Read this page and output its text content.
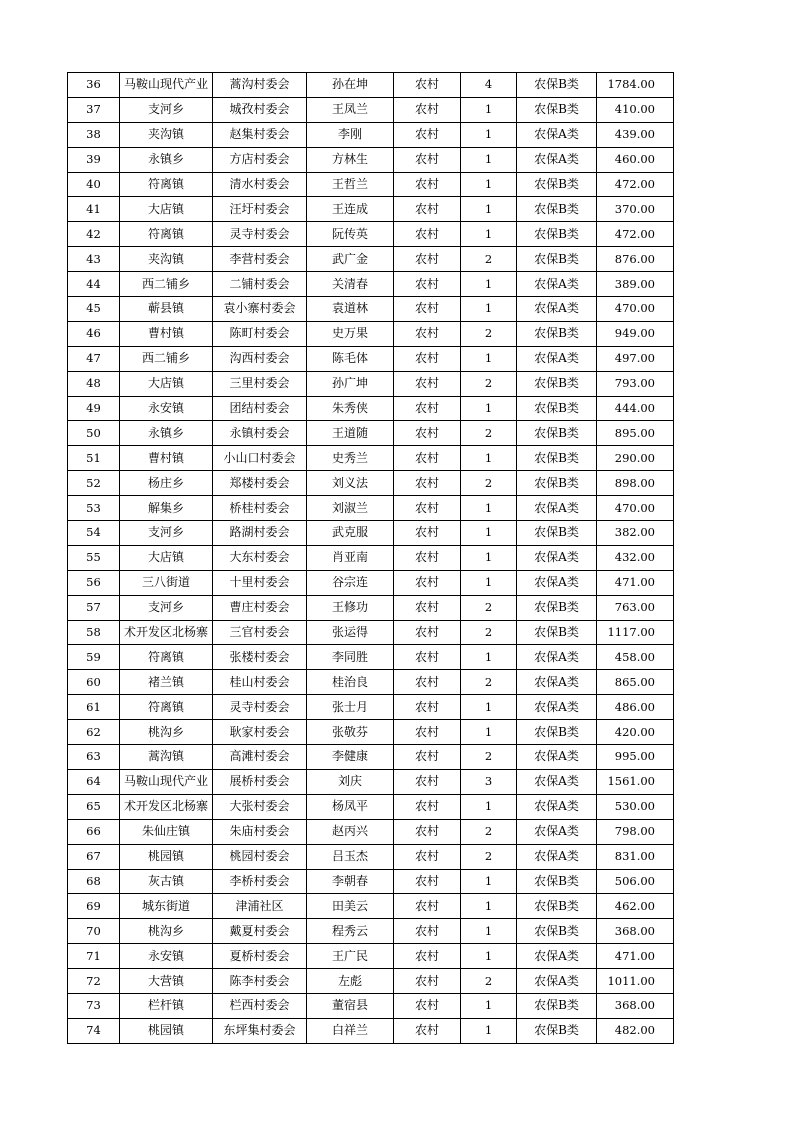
36	马鞍山现代产业	蒿沟村委会	孙在坤	农村	4	农保B类	1784.00
37	支河乡	城孜村委会	王凤兰	农村	1	农保B类	410.00
38	夹沟镇	赵集村委会	李刚	农村	1	农保A类	439.00
39	永镇乡	方店村委会	方林生	农村	1	农保A类	460.00
40	符离镇	清水村委会	王哲兰	农村	1	农保B类	472.00
41	大店镇	汪圩村委会	王连成	农村	1	农保B类	370.00
42	符离镇	灵寺村委会	阮传英	农村	1	农保B类	472.00
43	夹沟镇	李营村委会	武广金	农村	2	农保B类	876.00
44	西二铺乡	二铺村委会	关清春	农村	1	农保A类	389.00
45	蕲县镇	袁小寨村委会	袁道林	农村	1	农保A类	470.00
46	曹村镇	陈町村委会	史万果	农村	2	农保B类	949.00
47	西二铺乡	沟西村委会	陈毛体	农村	1	农保A类	497.00
48	大店镇	三里村委会	孙广坤	农村	2	农保B类	793.00
49	永安镇	团结村委会	朱秀侠	农村	1	农保B类	444.00
50	永镇乡	永镇村委会	王道随	农村	2	农保B类	895.00
51	曹村镇	小山口村委会	史秀兰	农村	1	农保B类	290.00
52	杨庄乡	郑楼村委会	刘义法	农村	2	农保B类	898.00
53	解集乡	桥桂村委会	刘淑兰	农村	1	农保A类	470.00
54	支河乡	路湖村委会	武克服	农村	1	农保B类	382.00
55	大店镇	大东村委会	肖亚南	农村	1	农保A类	432.00
56	三八街道	十里村委会	谷宗连	农村	1	农保A类	471.00
57	支河乡	曹庄村委会	王修功	农村	2	农保B类	763.00
58	术开发区北杨寨	三官村委会	张运得	农村	2	农保B类	1117.00
59	符离镇	张楼村委会	李同胜	农村	1	农保A类	458.00
60	褚兰镇	桂山村委会	桂治良	农村	2	农保A类	865.00
61	符离镇	灵寺村委会	张士月	农村	1	农保A类	486.00
62	桃沟乡	耿家村委会	张敬芬	农村	1	农保B类	420.00
63	蒿沟镇	高滩村委会	李健康	农村	2	农保A类	995.00
64	马鞍山现代产业	展桥村委会	刘庆	农村	3	农保A类	1561.00
65	术开发区北杨寨	大张村委会	杨凤平	农村	1	农保A类	530.00
66	朱仙庄镇	朱庙村委会	赵丙兴	农村	2	农保A类	798.00
67	桃园镇	桃园村委会	吕玉杰	农村	2	农保A类	831.00
68	灰古镇	李桥村委会	李朝春	农村	1	农保B类	506.00
69	城东街道	津浦社区	田美云	农村	1	农保B类	462.00
70	桃沟乡	戴夏村委会	程秀云	农村	1	农保B类	368.00
71	永安镇	夏桥村委会	王广民	农村	1	农保A类	471.00
72	大营镇	陈李村委会	左彪	农村	2	农保A类	1011.00
73	栏杆镇	栏西村委会	董宿县	农村	1	农保B类	368.00
74	桃园镇	东坪集村委会	白祥兰	农村	1	农保B类	482.00
